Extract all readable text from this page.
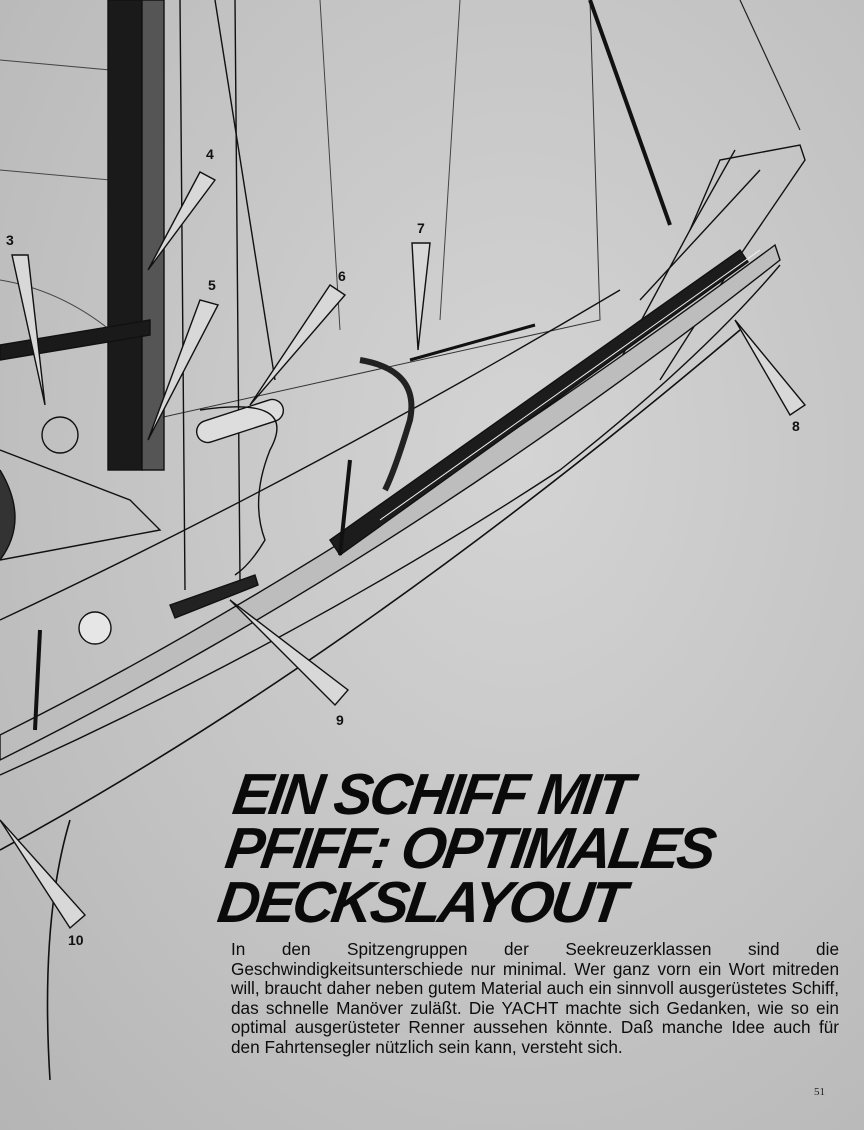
3
4
5
6
7
8
9
10
EIN SCHIFF MIT
PFIFF: OPTIMALES
DECKSLAYOUT

In den Spitzengruppen der Seekreuzerklassen sind die Geschwindigkeitsunterschiede nur minimal. Wer ganz vorn ein Wort mitreden will, braucht daher neben gutem Material auch ein sinnvoll ausgerüstetes Schiff, das schnelle Manöver zuläßt. Die YACHT machte sich Gedanken, wie so ein optimal ausgerüsteter Renner aussehen könnte. Daß manche Idee auch für den Fahrtensegler nützlich sein kann, versteht sich.

51
